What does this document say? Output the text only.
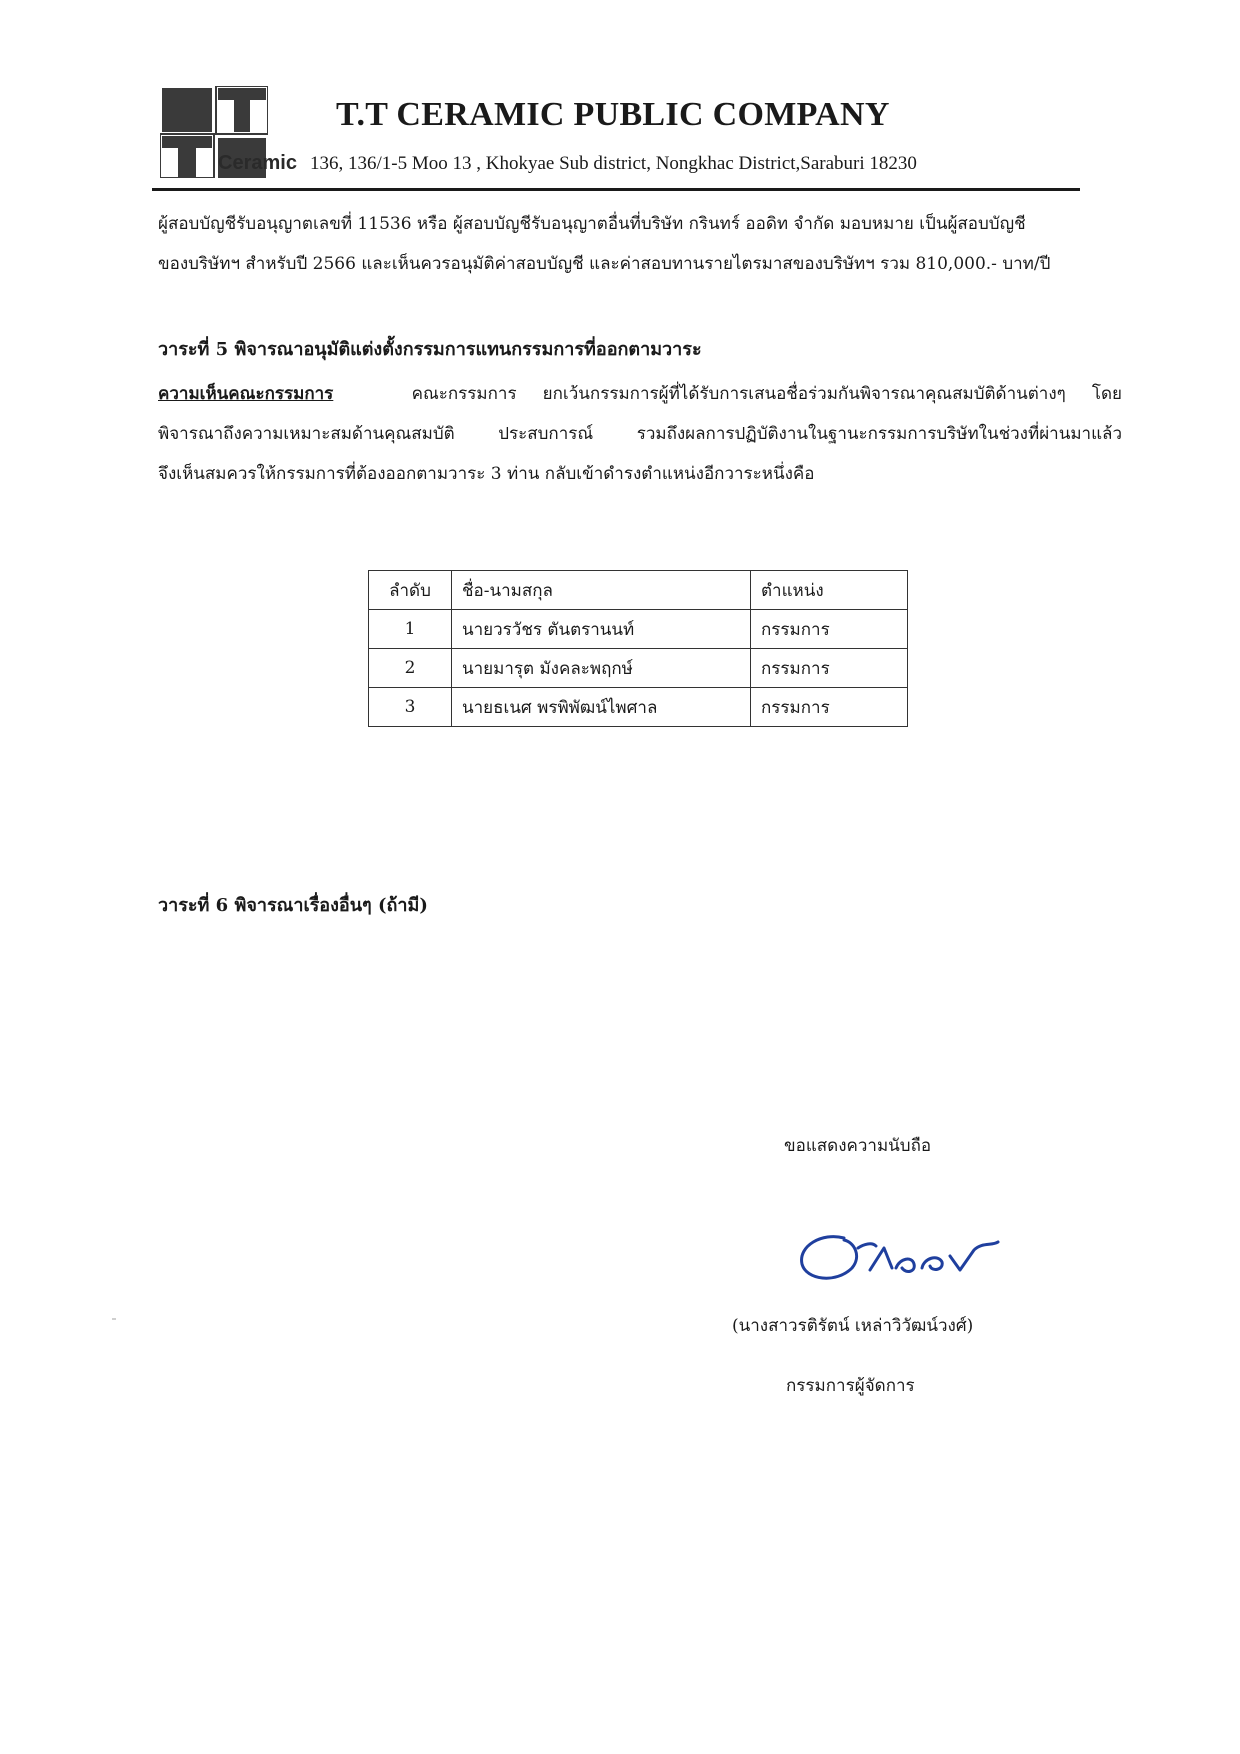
T.T CERAMIC PUBLIC COMPANY
Ceramic 136, 136/1-5 Moo 13 , Khokyae Sub district, Nongkhac District,Saraburi 18230
ผู้สอบบัญชีรับอนุญาตเลขที่ 11536 หรือ ผู้สอบบัญชีรับอนุญาตอื่นที่บริษัท กรินทร์ ออดิท จำกัด มอบหมาย เป็นผู้สอบบัญชี
ของบริษัทฯ สำหรับปี 2566 และเห็นควรอนุมัติค่าสอบบัญชี และค่าสอบทานรายไตรมาสของบริษัทฯ รวม 810,000.- บาท/ปี
วาระที่ 5 พิจารณาอนุมัติแต่งตั้งกรรมการแทนกรรมการที่ออกตามวาระ
ความเห็นคณะกรรมการ	คณะกรรมการ ยกเว้นกรรมการผู้ที่ได้รับการเสนอชื่อร่วมกันพิจารณาคุณสมบัติด้านต่างๆ โดย
พิจารณาถึงความเหมาะสมด้านคุณสมบัติ ประสบการณ์ รวมถึงผลการปฏิบัติงานในฐานะกรรมการบริษัทในช่วงที่ผ่านมาแล้ว
จึงเห็นสมควรให้กรรมการที่ต้องออกตามวาระ 3 ท่าน กลับเข้าดำรงตำแหน่งอีกวาระหนึ่งคือ
ลำดับ	ชื่อ-นามสกุล	ตำแหน่ง
1	นายวรวัชร ตันตรานนท์	กรรมการ
2	นายมารุต มังคละพฤกษ์	กรรมการ
3	นายธเนศ พรพิพัฒน์ไพศาล	กรรมการ
วาระที่ 6 พิจารณาเรื่องอื่นๆ (ถ้ามี)
ขอแสดงความนับถือ
(นางสาวรติรัตน์ เหล่าวิวัฒน์วงศ์)
กรรมการผู้จัดการ
